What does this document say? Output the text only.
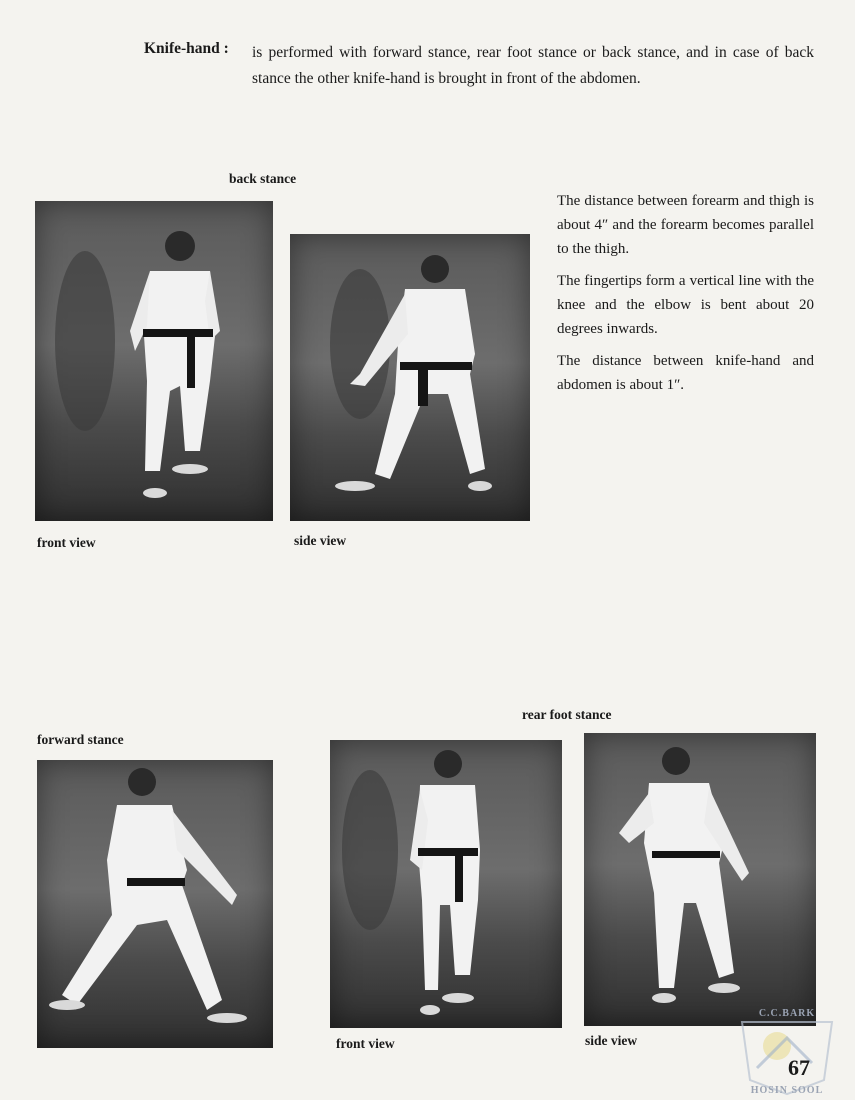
Knife-hand : is performed with forward stance, rear foot stance or back stance, and in case of back stance the other knife-hand is brought in front of the abdomen.
back stance
front view	side view

The distance between forearm and thigh is about 4″ and the forearm becomes parallel to the thigh.

The fingertips form a vertical line with the knee and the elbow is bent about 20 degrees inwards.

The distance between knife-hand and abdomen is about 1″.

rear foot stance
forward stance
front view	side view
C.C.BARK
HOSIN SOOL
67
